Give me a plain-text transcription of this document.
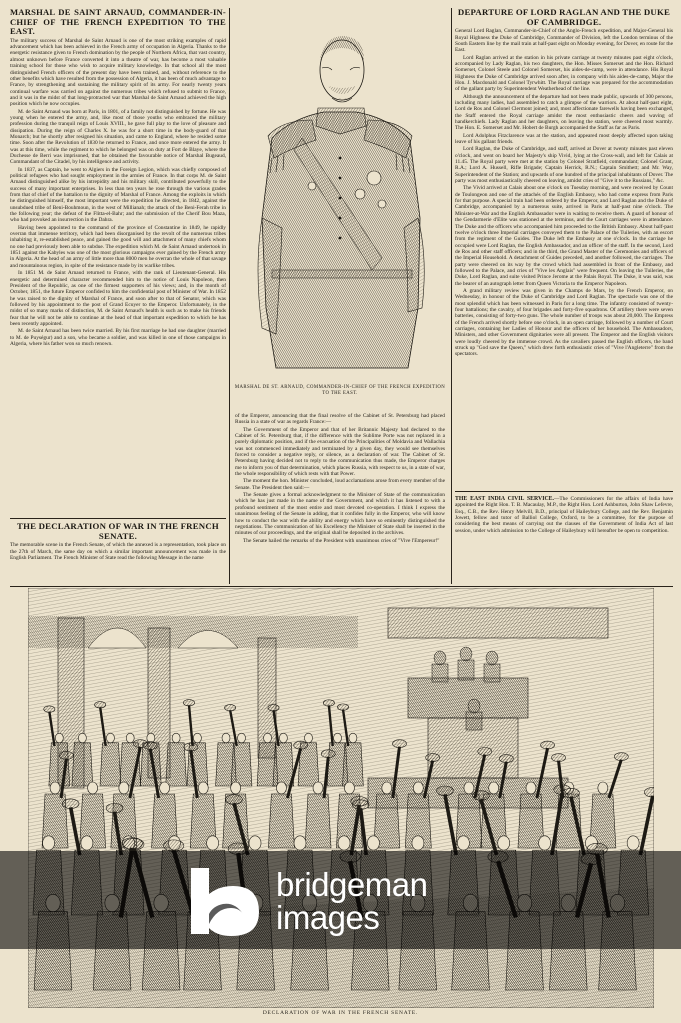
MARSHAL DE SAINT ARNAUD, COMMANDER-IN-CHIEF OF THE FRENCH EXPEDITION TO THE EAST.

The military success of Marshal de Saint Arnaud is one of the most striking examples of rapid advancement which has been achieved in the French army of occupation in Algeria. Thanks to the energetic resistance given to French domination by the people of Northern Africa, that vast country, almost unknown before France converted it into a theatre of war, has become a most valuable training school for those who wish to acquire military knowledge. In that school all the most distinguished French officers of the present day have been trained, and, without reference to the other benefits which have resulted from the possession of Algeria, it has been of much advantage to France, by strengthening and sustaining the military spirit of its army. For nearly twenty years continual warfare was carried on against the numerous tribes which refused to submit to France, and it was in the midst of that long-protracted war that Marshal de Saint Arnaud achieved the high position which he now occupies.

M. de Saint Arnaud was born at Paris, in 1801, of a family not distinguished by fortune. He was young when he entered the army, and, like most of those youths who embraced the military profession during the tranquil reign of Louis XVIII., he gave full play to the love of pleasure and dissipation. During the reign of Charles X. he was for a short time in the body-guard of that Monarch; but he shortly after resigned his situation, and came to England, where he resided some time. Soon after the Revolution of 1830 he returned to France, and once more entered the army. It was at this time, while the regiment to which he belonged was on duty at Fort de Blaye, where the Duchesse de Berri was imprisoned, that he obtained the favourable notice of Marshal Bugeaud, Commandant of the Citadel, by his intelligence and activity.

In 1837, as Captain, he went to Algiers in the Foreign Legion, which was chiefly composed of political refugees who had sought employment in the armies of France. In that corps M. de Saint Arnaud distinguished alike by his intrepidity and his military skill, contributed powerfully to the success of many important enterprises. In less than ten years he rose through the various grades from that of chief of the battalion to the dignity of Marshal of France. Among the exploits in which he distinguished himself, the most important were the expedition he directed, in 1842, against the unsubdued tribe of Beni-Bouhmoun, in the west of Millianah; the attack of the Beni-Ferah tribe in the following year; the defeat of the Flitta-el-Bahr; and the submission of the Cherif Bou Maza, who had provoked an insurrection in the Dahra.

Having been appointed to the command of the province of Constantine in 1849, he rapidly overran that immense territory, which had been disorganised by the revolt of the numerous tribes inhabiting it, re-established peace, and gained the good will and attachment of many chiefs whom no one had previously been able to subdue. The expedition which M. de Saint Arnaud undertook in 1851 against the Kabyles was one of the most glorious campaigns ever gained by the French army in Algeria. At the head of an army of little more than 8000 men he overran the whole of that savage and mountainous region, in spite of the resistance made by its warlike tribes.

In 1851 M. de Saint Arnaud returned to France, with the rank of Lieutenant-General. His energetic and determined character recommended him to the notice of Louis Napoleon, then President of the Republic, as one of the firmest supporters of his views; and, in the month of October, 1851, the future Emperor confided to him the confidential post of Minister of War. In 1852 he was raised to the dignity of Marshal of France, and soon after to that of Senator, which was followed by his appointment to the post of Grand Ecuyer to the Emperor. Unfortunately, in the midst of so many marks of distinction, M. de Saint Arnaud's health is such as to make his friends fear that he will not be able to continue at the head of that important expedition to which he has been recently appointed.

M. de Saint Arnaud has been twice married. By his first marriage he had one daughter (married to M. de Puységur) and a son, who became a soldier, and was killed in one of those campaigns in Algeria, where his father won so much renown.

THE DECLARATION OF WAR IN THE FRENCH SENATE.

The memorable scene in the French Senate, of which the annexed is a representation, took place on the 27th of March, the same day on which a similar important announcement was made in the English Parliament. The French Minister of State read the following Message in the name

MARSHAL DE ST. ARNAUD, COMMANDER-IN-CHIEF OF THE FRENCH EXPEDITION TO THE EAST.

of the Emperor, announcing that the final resolve of the Cabinet of St. Petersburg had placed Russia in a state of war as regards France:—

The Government of the Emperor and that of her Britannic Majesty had declared to the Cabinet of St. Petersburg that, if the difference with the Sublime Porte was not replaced in a purely diplomatic position, and if the evacuation of the Principalities of Moldavia and Wallachia was not commenced immediately and terminated by a given day, they would see themselves forced to consider a negative reply, or silence, as a declaration of war. The Cabinet of St. Petersburg having decided not to reply to the communication thus made, the Emperor charges me to inform you of that determination, which places Russia, with respect to us, in a state of war, the whole responsibility of which rests with that Power.

The moment the hon. Minister concluded, loud acclamations arose from every member of the Senate. The President then said:—

The Senate gives a formal acknowledgment to the Minister of State of the communication which he has just made in the name of the Government, and which it has listened to with a profound sentiment of the most entire and most devoted co-operation. I think I express the unanimous feeling of the Senate in adding, that it confides fully in the Emperor, who will know how to conduct the war with the ability and energy which have so eminently distinguished the negotiations. The communication of his Excellency the Minister of State shall be inserted in the minutes of our proceedings, and the original shall be deposited in the archives.

The Senate hailed the remarks of the President with unanimous cries of "Vive l'Empereur!"

DEPARTURE OF LORD RAGLAN AND THE DUKE OF CAMBRIDGE.

General Lord Raglan, Commander-in-Chief of the Anglo-French expedition, and Major-General his Royal Highness the Duke of Cambridge, Commander of Division, left the London terminus of the South Eastern line by the mail train at half-past eight on Monday evening, for Dover, en route for the East.

Lord Raglan arrived at the station in his private carriage at twenty minutes past eight o'clock, accompanied by Lady Raglan, his two daughters, the Hon. Misses Somerset and the Hon. Richard Somerset, Colonel Steele and Colonel Somerset, his aides-de-camp, were in attendance. His Royal Highness the Duke of Cambridge arrived soon after, in company with his aides-de-camp, Major the Hon. J. Macdonald and Colonel Tyrwhitt. The Royal carriage was prepared for the accommodation of the gallant party by Superintendent Weatherhead of the line.

Although the announcement of the departure had not been made public, upwards of 300 persons, including many ladies, had assembled to catch a glimpse of the warriors. At about half-past eight, Lord de Ros and Colonel Clermont joined; and, most affectionate farewells having been exchanged, the Staff entered the Royal carriage amidst the most enthusiastic cheers and waving of handkerchiefs. Lady Raglan and her daughters, on leaving the station, were cheered most warmly. The Hon. E. Somerset and Mr. Hobert de Burgh accompanied the Staff as far as Paris.

Lord Adolphus Fitzclarence was at the station, and appeared most deeply affected upon taking leave of his gallant friends.

Lord Raglan, the Duke of Cambridge, and staff, arrived at Dover at twenty minutes past eleven o'clock, and went on board her Majesty's ship Vivid, lying at the Cross-wall, and left for Calais at 11.45. The Royal party were met at the station by Colonel Stratfield, commandant; Colonel Grant, R.A.; Lord A. Hussell, Rifle Brigade; Captain Herrick, R.N.; Captain Smithett; and Mr. Way, Superintendent of the Station; and upwards of one hundred of the principal inhabitants of Dover. The party was most enthusiastically cheered on leaving, amidst cries of "Give it to the Russians," &c.

The Vivid arrived at Calais about one o'clock on Tuesday morning, and were received by Count de Toulongeon and one of the attachés of the English Embassy, who had come express from Paris for that purpose. A special train had been ordered by the Emperor, and Lord Raglan and the Duke of Cambridge, accompanied by a numerous suite, arrived in Paris at half-past nine o'clock. The Minister-at-War and the English Ambassador were in waiting to receive them. A guard of honour of the Gendarmerie d'Elite was stationed at the terminus, and the Court carriages were in attendance. The Duke and the officers who accompanied him proceeded to the British Embassy. About half-past twelve o'clock three Imperial carriages conveyed them to the Palace of the Tuileries, with an escort from the regiment of the Guides. The Duke left the Embassy at one o'clock. In the carriage he occupied were Lord Raglan, the English Ambassador, and an officer of the staff. In the second, Lord de Ros and other staff officers; and in the third, the Grand Master of the Ceremonies and officers of the Imperial Household. A detachment of Guides preceded, and another followed, the carriages. The party were cheered on its way by the crowd which had assembled in front of the Embassy, and followed to the Palace, and cries of "Vive les Anglais" were frequent. On leaving the Tuileries, the Duke, Lord Raglan, and suite visited Prince Jerome at the Palais Royal. The Duke, it was said, was the bearer of an autograph letter from Queen Victoria to the Emperor Napoleon.

A grand military review was given in the Champs de Mars, by the French Emperor, on Wednesday, in honour of the Duke of Cambridge and Lord Raglan. The spectacle was one of the most splendid which has been witnessed in Paris for a long time. The infantry consisted of twenty-four battalions; the cavalry, of four brigades and forty-five squadrons. Of artillery there were seven batteries, consisting of forty-two guns. The whole number of troops was about 20,000. The Empress of the French arrived shortly before one o'clock, in an open carriage, followed by a number of Court carriages, containing her Ladies of Honour and the officers of her household. The Ambassadors, Ministers, and other Government dignitaries were all present. The Emperor and the English visitors were loudly cheered by the immense crowd. As the cavaliers passed the English officers, the band struck up "God save the Queen," which drew forth enthusiastic cries of "Vive l'Angleterre" from the spectators.

THE EAST INDIA CIVIL SERVICE.—The Commissioners for the affairs of India have appointed the Right Hon. T. B. Macaulay, M.P., the Right Hon. Lord Ashburton, John Shaw Lefevre, Esq., C.B., the Rev. Henry Melvill, B.D., principal of Haileybury College, and the Rev. Benjamin Jowett, fellow and tutor of Balliol College, Oxford, to be a committee, for the purpose of considering the best means of carrying out the clauses of the Government of India Act of last session, under which admission to the College of Haileybury will hereafter be open to competition.

DECLARATION OF WAR IN THE FRENCH SENATE.
bridgeman
images
